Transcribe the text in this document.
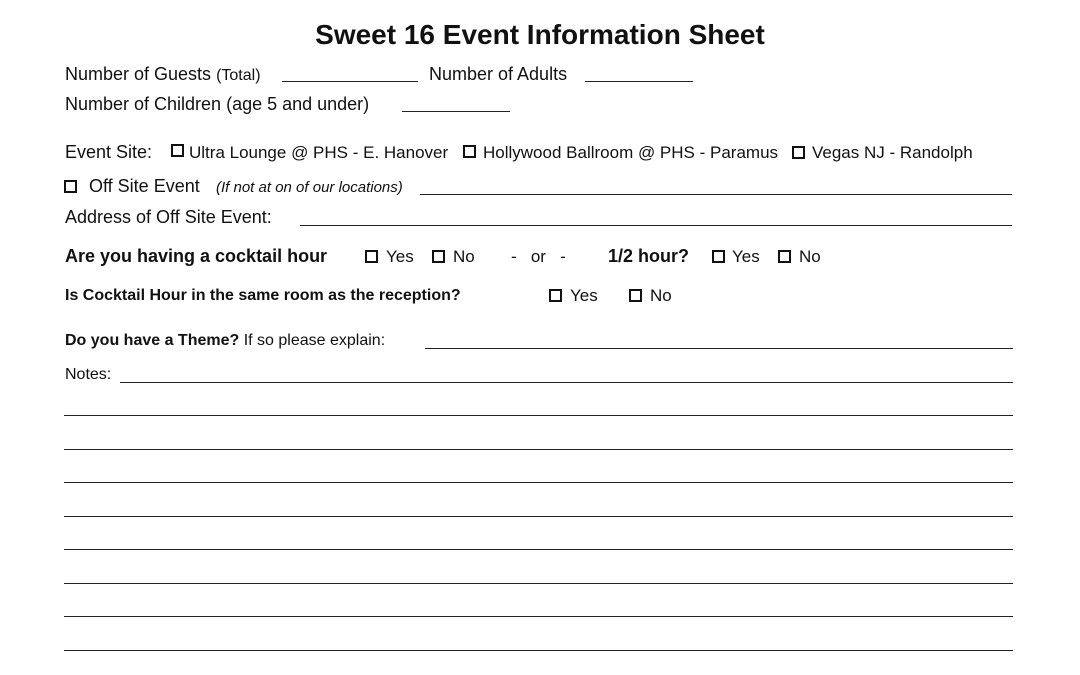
Sweet 16 Event Information Sheet
Number of Guests (Total)	Number of Adults
Number of Children (age 5 and under)
Event Site: Ultra Lounge @ PHS - E. Hanover Hollywood Ballroom @ PHS - Paramus Vegas NJ - Randolph
Off Site Event (If not at on of our locations)
Address of Off Site Event:
Are you having a cocktail hour	Yes No -   or   - 1/2 hour?	Yes No
Is Cocktail Hour in the same room as the reception?	Yes	No
Do you have a Theme? If so please explain:
Notes:
